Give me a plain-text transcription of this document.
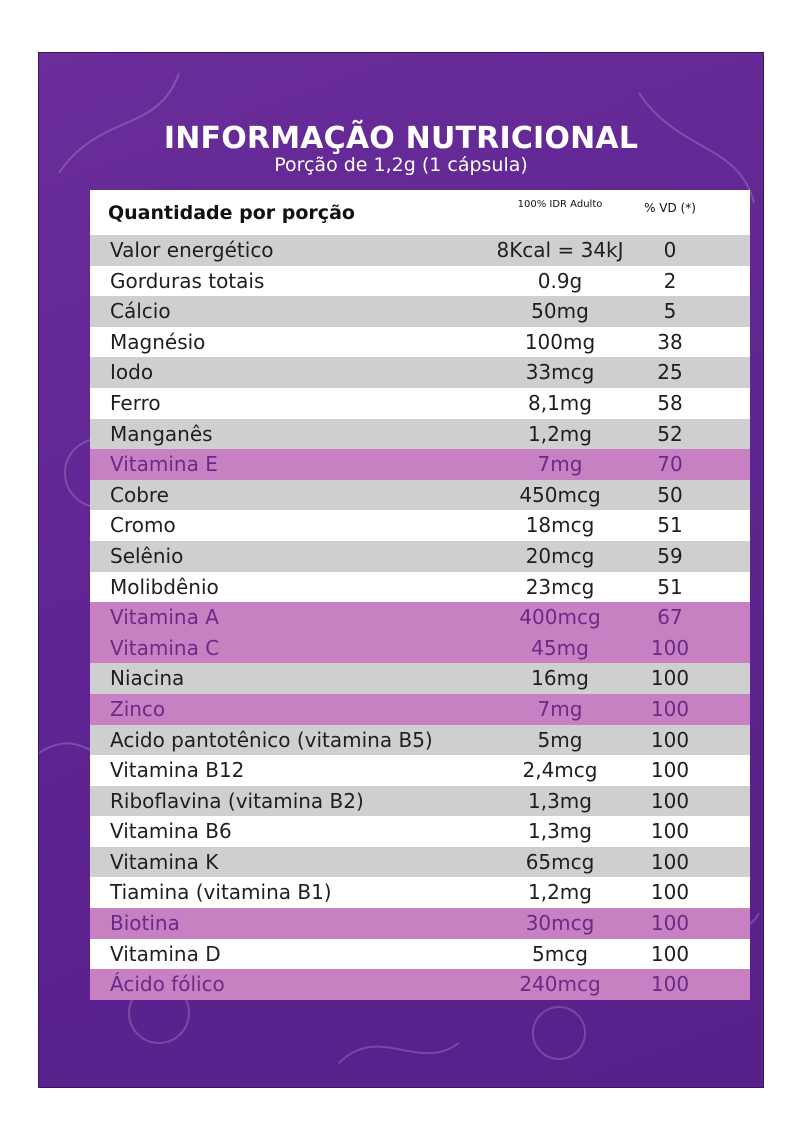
INFORMAÇÃO NUTRICIONAL
Porção de 1,2g (1 cápsula)
Quantidade por porção	100% IDR Adulto	% VD (*)
Valor energético	8Kcal = 34kJ	0
Gorduras totais	0.9g	2
Cálcio	50mg	5
Magnésio	100mg	38
Iodo	33mcg	25
Ferro	8,1mg	58
Manganês	1,2mg	52
Vitamina E	7mg	70
Cobre	450mcg	50
Cromo	18mcg	51
Selênio	20mcg	59
Molibdênio	23mcg	51
Vitamina A	400mcg	67
Vitamina C	45mg	100
Niacina	16mg	100
Zinco	7mg	100
Acido pantotênico (vitamina B5)	5mg	100
Vitamina B12	2,4mcg	100
Riboflavina (vitamina B2)	1,3mg	100
Vitamina B6	1,3mg	100
Vitamina K	65mcg	100
Tiamina (vitamina B1)	1,2mg	100
Biotina	30mcg	100
Vitamina D	5mcg	100
Ácido fólico	240mcg	100
